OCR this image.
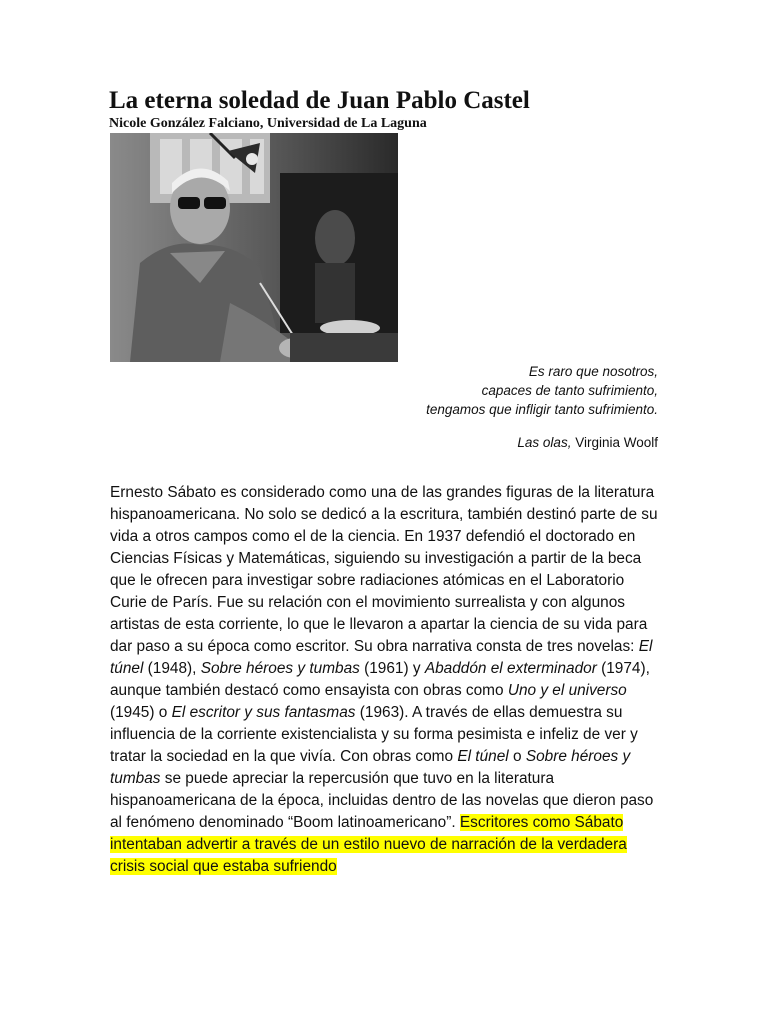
La eterna soledad de Juan Pablo Castel
Nicole González Falciano, Universidad de La Laguna
Es raro que nosotros,
capaces de tanto sufrimiento,
tengamos que infligir tanto sufrimiento.
Las olas, Virginia Woolf

Ernesto Sábato es considerado como una de las grandes figuras de la literatura hispanoamericana. No solo se dedicó a la escritura, también destinó parte de su vida a otros campos como el de la ciencia. En 1937 defendió el doctorado en Ciencias Físicas y Matemáticas, siguiendo su investigación a partir de la beca que le ofrecen para investigar sobre radiaciones atómicas en el Laboratorio Curie de París. Fue su relación con el movimiento surrealista y con algunos artistas de esta corriente, lo que le llevaron a apartar la ciencia de su vida para dar paso a su época como escritor. Su obra narrativa consta de tres novelas: El túnel (1948), Sobre héroes y tumbas (1961) y Abaddón el exterminador (1974), aunque también destacó como ensayista con obras como Uno y el universo (1945) o El escritor y sus fantasmas (1963). A través de ellas demuestra su influencia de la corriente existencialista y su forma pesimista e infeliz de ver y tratar la sociedad en la que vivía. Con obras como El túnel o Sobre héroes y tumbas se puede apreciar la repercusión que tuvo en la literatura hispanoamericana de la época, incluidas dentro de las novelas que dieron paso al fenómeno denominado “Boom latinoamericano”. Escritores como Sábato intentaban advertir a través de un estilo nuevo de narración de la verdadera crisis social que estaba sufriendo
